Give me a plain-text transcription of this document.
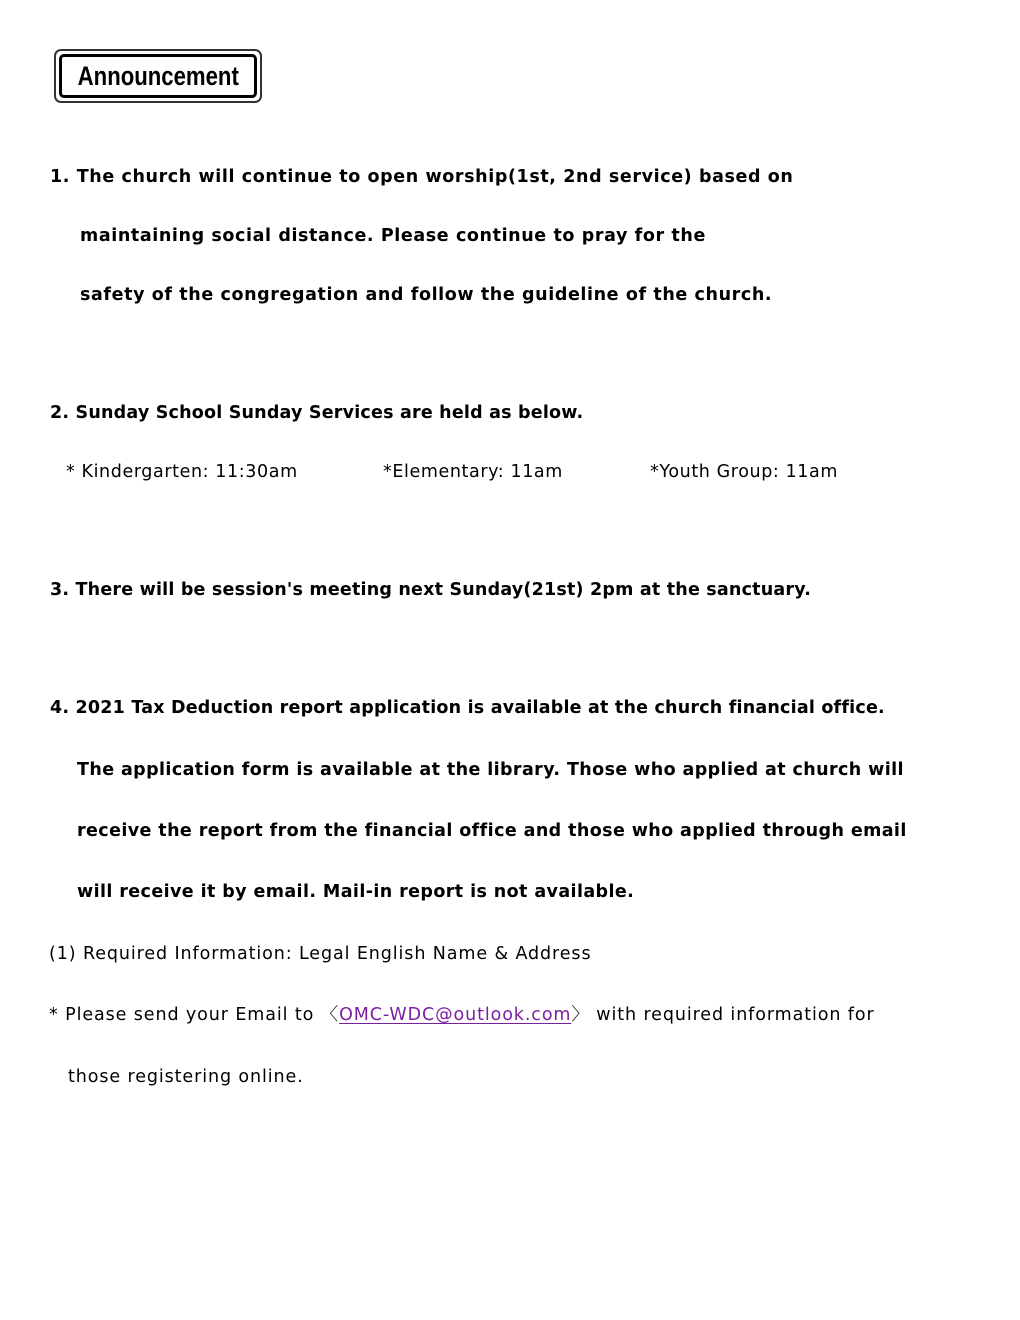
Announcement
1. The church will continue to open worship(1st, 2nd service) based on
maintaining social distance. Please continue to pray for the
safety of the congregation and follow the guideline of the church.
2. Sunday School Sunday Services are held as below.
* Kindergarten: 11:30am	*Elementary: 11am	*Youth Group: 11am
3. There will be session's meeting next Sunday(21st) 2pm at the sanctuary.
4. 2021 Tax Deduction report application is available at the church financial office.
The application form is available at the library. Those who applied at church will
receive the report from the financial office and those who applied through email
will receive it by email. Mail-in report is not available.
(1) Required Information: Legal English Name & Address
* Please send your Email to 〈OMC-WDC@outlook.com〉 with required information for
those registering online.
